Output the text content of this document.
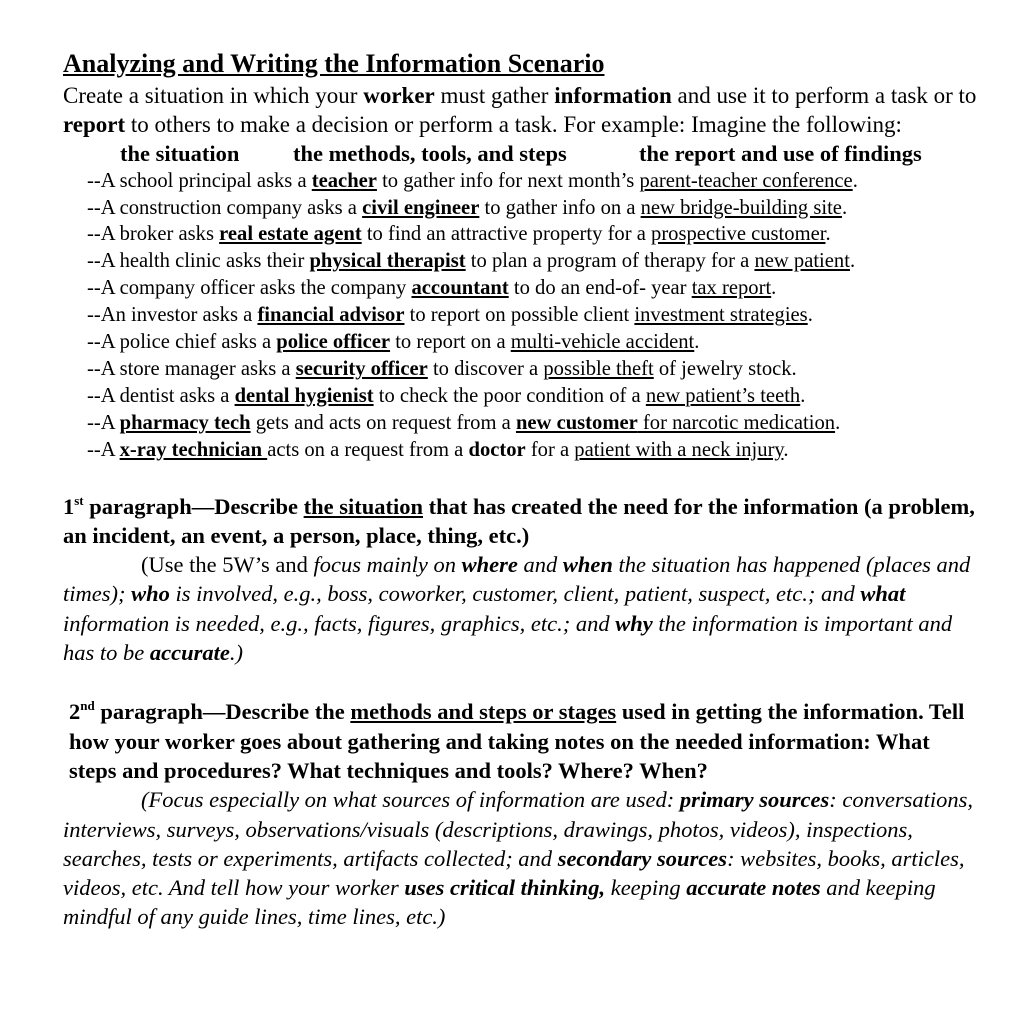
Analyzing and Writing the Information Scenario
Create a situation in which your worker must gather information and use it to perform a task or to report to others to make a decision or perform a task. For example: Imagine the following:
the situation the methods, tools, and steps	the report and use of findings
--A school principal asks a teacher to gather info for next month’s parent-teacher conference.
--A construction company asks a civil engineer to gather info on a new bridge-building site.
--A broker asks real estate agent to find an attractive property for a prospective customer.
--A health clinic asks their physical therapist to plan a program of therapy for a new patient.
--A company officer asks the company accountant to do an end-of- year tax report.
--An investor asks a financial advisor to report on possible client investment strategies.
--A police chief asks a police officer to report on a multi-vehicle accident.
--A store manager asks a security officer to discover a possible theft of jewelry stock.
--A dentist asks a dental hygienist to check the poor condition of a new patient’s teeth.
--A pharmacy tech gets and acts on request from a new customer for narcotic medication.
--A x-ray technician acts on a request from a doctor for a patient with a neck injury.
1st paragraph—Describe the situation that has created the need for the information (a problem, an incident, an event, a person, place, thing, etc.)
(Use the 5W’s and focus mainly on where and when the situation has happened (places and times); who is involved, e.g., boss, coworker, customer, client, patient, suspect, etc.; and what information is needed, e.g., facts, figures, graphics, etc.; and why the information is important and has to be accurate.)
2nd paragraph—Describe the methods and steps or stages used in getting the information. Tell how your worker goes about gathering and taking notes on the needed information: What steps and procedures? What techniques and tools? Where? When?
(Focus especially on what sources of information are used: primary sources: conversations, interviews, surveys, observations/visuals (descriptions, drawings, photos, videos), inspections, searches, tests or experiments, artifacts collected; and secondary sources: websites, books, articles, videos, etc. And tell how your worker uses critical thinking, keeping accurate notes and keeping mindful of any guide lines, time lines, etc.)
